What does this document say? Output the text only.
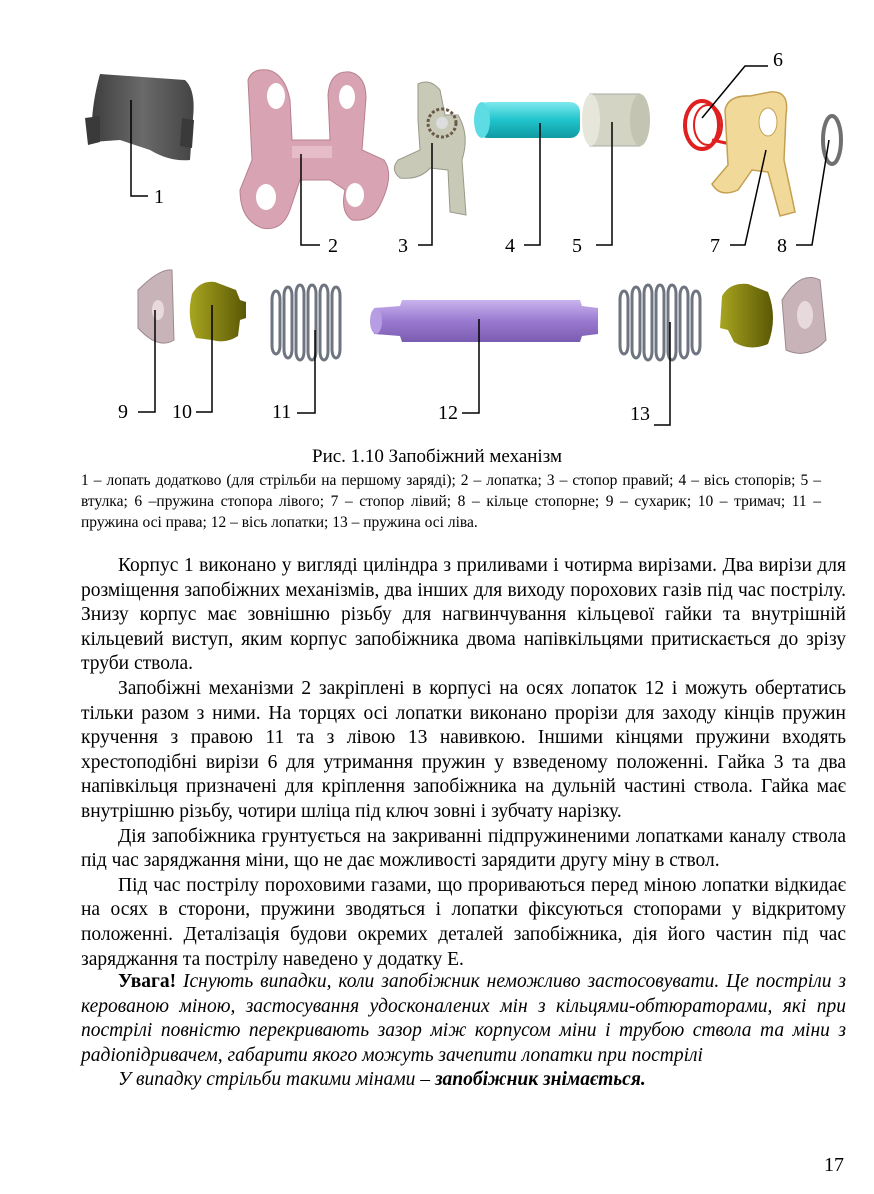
1
2	3	4	5
6
7	8
9 10	11	12	13
Рис. 1.10 Запобіжний механізм
1 – лопать додатково (для стрільби на першому заряді); 2 – лопатка; 3 – стопор правий; 4 – вісь стопорів; 5 – втулка; 6 –пружина стопора лівого; 7 – стопор лівий; 8 – кільце стопорне; 9 – сухарик; 10 – тримач; 11 – пружина осі права; 12 – вісь лопатки; 13 – пружина осі ліва.

Корпус 1 виконано у вигляді циліндра з приливами і чотирма вирізами. Два вирізи для розміщення запобіжних механізмів, два інших для виходу порохових газів під час пострілу. Знизу корпус має зовнішню різьбу для нагвинчування кільцевої гайки та внутрішній кільцевий виступ, яким корпус запобіжника двома напівкільцями притискається до зрізу труби ствола.

Запобіжні механізми 2 закріплені в корпусі на осях лопаток 12 і можуть обертатись тільки разом з ними. На торцях осі лопатки виконано прорізи для заходу кінців пружин кручення з правою 11 та з лівою 13 навивкою. Іншими кінцями пружини входять хрестоподібні вирізи 6 для утримання пружин у взведеному положенні. Гайка 3 та два напівкільця призначені для кріплення запобіжника на дульній частині ствола. Гайка має внутрішню різьбу, чотири шліца під ключ зовні і зубчату нарізку.

Дія запобіжника грунтується на закриванні підпружиненими лопатками каналу ствола під час заряджання міни, що не дає можливості зарядити другу міну в ствол.

Під час пострілу пороховими газами, що прориваються перед міною лопатки відкидає на осях в сторони, пружини зводяться і лопатки фіксуються стопорами у відкритому положенні. Деталізація будови окремих деталей запобіжника, дія його частин під час заряджання та пострілу наведено у додатку Е.

Увага! Існують випадки, коли запобіжник неможливо застосовувати. Це постріли з керованою міною, застосування удосконалених мін з кільцями-обтюраторами, які при пострілі повністю перекривають зазор між корпусом міни і трубою ствола та міни з радіопідривачем, габарити якого можуть зачепити лопатки при пострілі

У випадку стрільби такими мінами – запобіжник знімається.

17
